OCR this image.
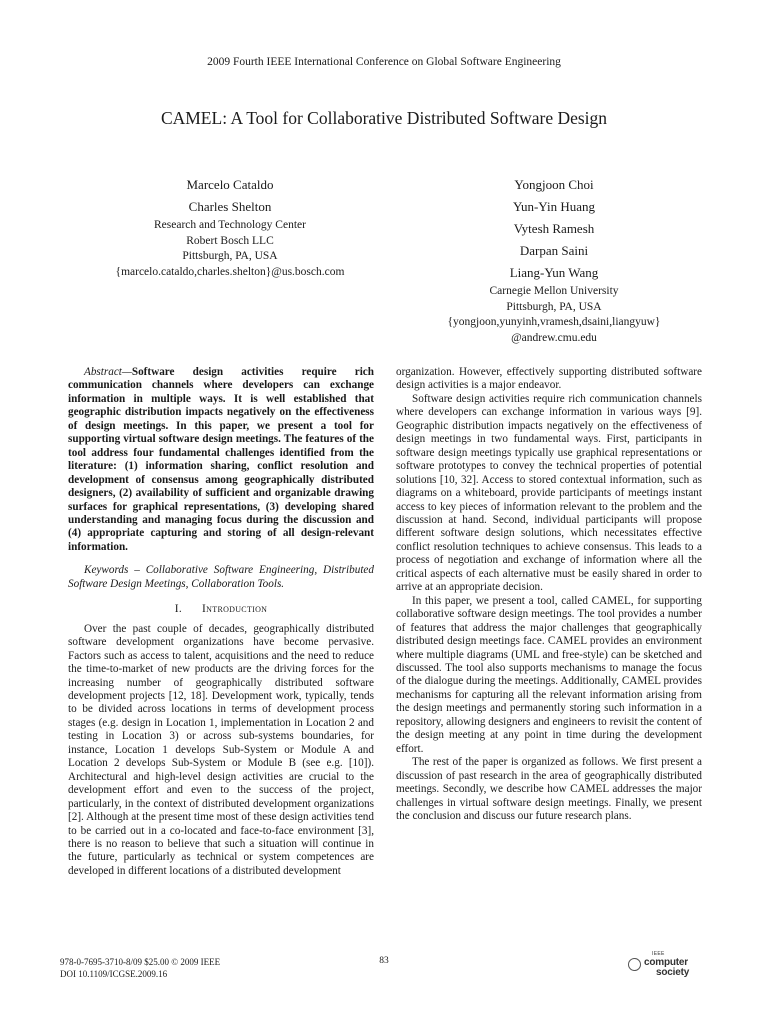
2009 Fourth IEEE International Conference on Global Software Engineering
CAMEL: A Tool for Collaborative Distributed Software Design
Marcelo Cataldo
Charles Shelton
Research and Technology Center
Robert Bosch LLC
Pittsburgh, PA, USA
{marcelo.cataldo,charles.shelton}@us.bosch.com
Yongjoon Choi
Yun-Yin Huang
Vytesh Ramesh
Darpan Saini
Liang-Yun Wang
Carnegie Mellon University
Pittsburgh, PA, USA
{yongjoon,yunyinh,vramesh,dsaini,liangyuw}
@andrew.cmu.edu

Abstract—Software design activities require rich communication channels where developers can exchange information in multiple ways. It is well established that geographic distribution impacts negatively on the effectiveness of design meetings. In this paper, we present a tool for supporting virtual software design meetings. The features of the tool address four fundamental challenges identified from the literature: (1) information sharing, conflict resolution and development of consensus among geographically distributed designers, (2) availability of sufficient and organizable drawing surfaces for graphical representations, (3) developing shared understanding and managing focus during the discussion and (4) appropriate capturing and storing of all design-relevant information.

Keywords – Collaborative Software Engineering, Distributed Software Design Meetings, Collaboration Tools.

I. Introduction

Over the past couple of decades, geographically distributed software development organizations have become pervasive. Factors such as access to talent, acquisitions and the need to reduce the time-to-market of new products are the driving forces for the increasing number of geographically distributed software development projects [12, 18]. Development work, typically, tends to be divided across locations in terms of development process stages (e.g. design in Location 1, implementation in Location 2 and testing in Location 3) or across sub-systems boundaries, for instance, Location 1 develops Sub-System or Module A and Location 2 develops Sub-System or Module B (see e.g. [10]). Architectural and high-level design activities are crucial to the development effort and even to the success of the project, particularly, in the context of distributed development organizations [2]. Although at the present time most of these design activities tend to be carried out in a co-located and face-to-face environment [3], there is no reason to believe that such a situation will continue in the future, particularly as technical or system competences are developed in different locations of a distributed development

organization. However, effectively supporting distributed software design activities is a major endeavor.

Software design activities require rich communication channels where developers can exchange information in various ways [9]. Geographic distribution impacts negatively on the effectiveness of design meetings in two fundamental ways. First, participants in software design meetings typically use graphical representations or software prototypes to convey the technical properties of potential solutions [10, 32]. Access to stored contextual information, such as diagrams on a whiteboard, provide participants of meetings instant access to key pieces of information relevant to the problem and the discussion at hand. Second, individual participants will propose different software design solutions, which necessitates effective conflict resolution techniques to achieve consensus. This leads to a process of negotiation and exchange of information where all the critical aspects of each alternative must be easily shared in order to arrive at an appropriate decision.

In this paper, we present a tool, called CAMEL, for supporting collaborative software design meetings. The tool provides a number of features that address the major challenges that geographically distributed design meetings face. CAMEL provides an environment where multiple diagrams (UML and free-style) can be sketched and discussed. The tool also supports mechanisms to manage the focus of the dialogue during the meetings. Additionally, CAMEL provides mechanisms for capturing all the relevant information arising from the design meetings and permanently storing such information in a repository, allowing designers and engineers to revisit the content of the design meeting at any point in time during the development effort.

The rest of the paper is organized as follows. We first present a discussion of past research in the area of geographically distributed meetings. Secondly, we describe how CAMEL addresses the major challenges in virtual software design meetings. Finally, we present the conclusion and discuss our future research plans.

978-0-7695-3710-8/09 $25.00 © 2009 IEEE
DOI 10.1109/ICGSE.2009.16
83
IEEE
computer
society
